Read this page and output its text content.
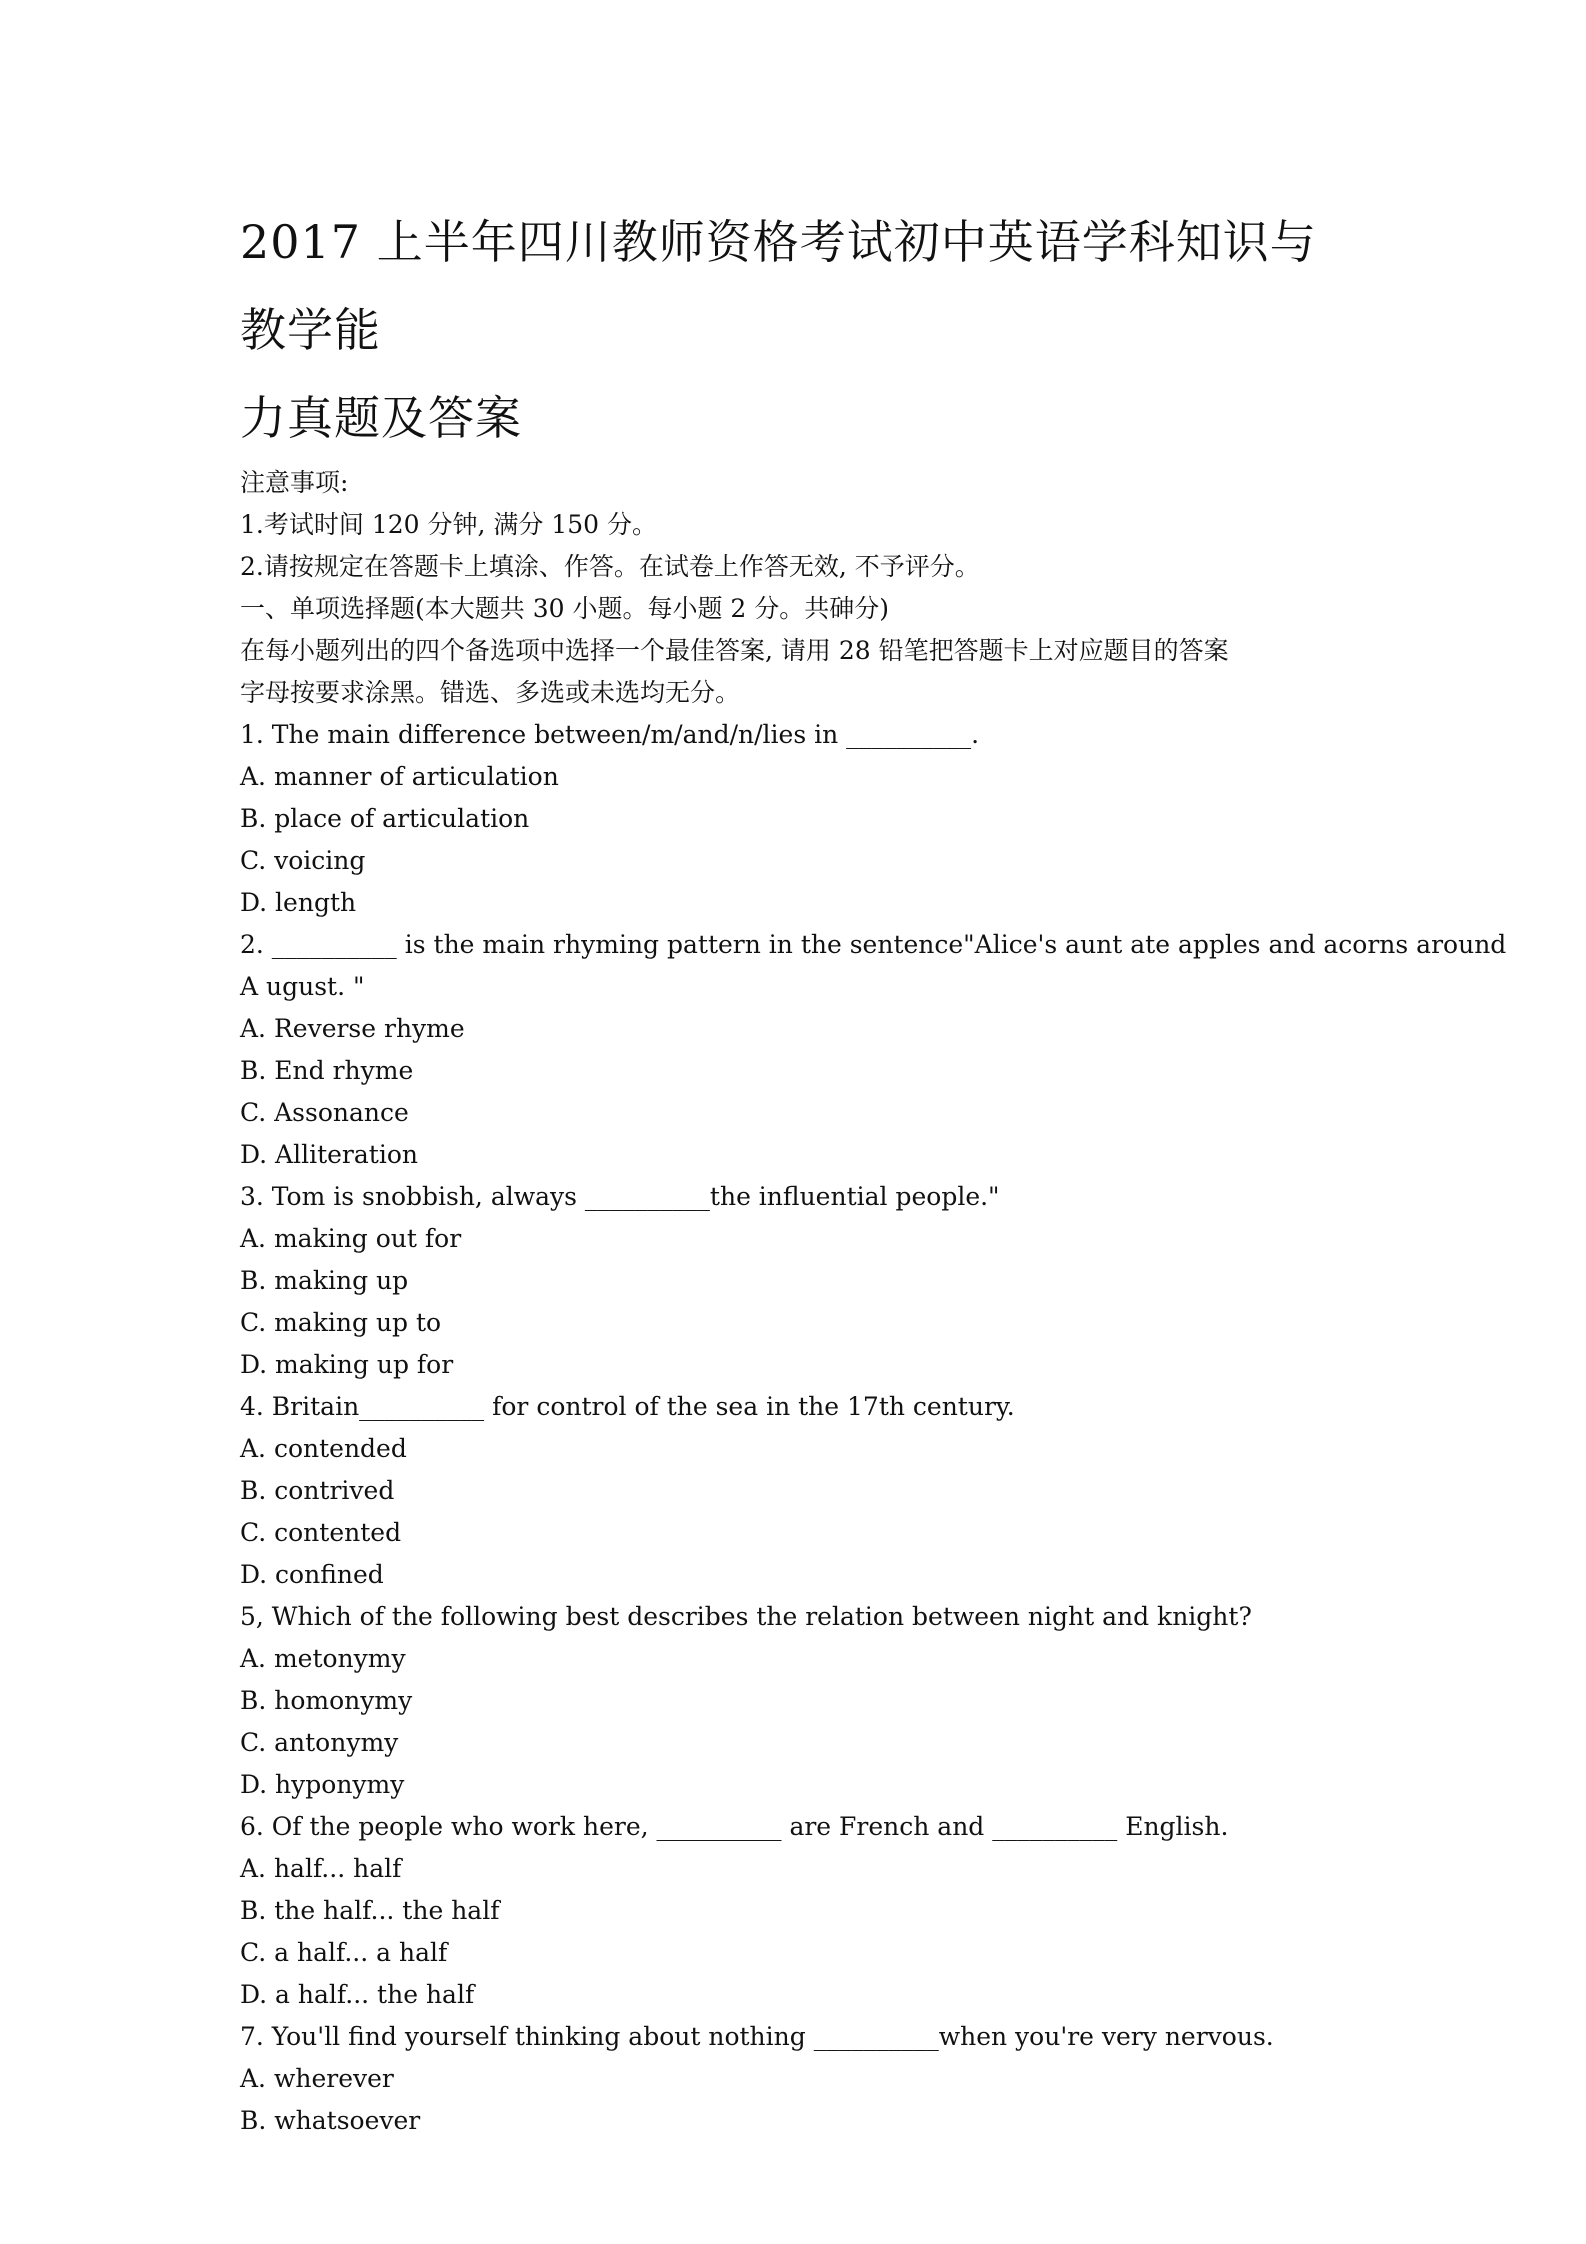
2017 上半年四川教师资格考试初中英语学科知识与教学能
力真题及答案

注意事项:

1.考试时间 120 分钟, 满分 150 分。

2.请按规定在答题卡上填涂、作答。在试卷上作答无效, 不予评分。

一、单项选择题(本大题共 30 小题。每小题 2 分。共砷分)

在每小题列出的四个备选项中选择一个最佳答案, 请用 28 铅笔把答题卡上对应题目的答案

字母按要求涂黑。错选、多选或未选均无分。

1. The main difference between/m/and/n/lies in __________.

A. manner of articulation

B. place of articulation

C. voicing

D. length

2. __________ is the main rhyming pattern in the sentence"Alice's aunt ate apples and acorns around

A ugust. "

A. Reverse rhyme

B. End rhyme

C. Assonance

D. Alliteration

3. Tom is snobbish, always __________the influential people."

A. making out for

B. making up

C. making up to

D. making up for

4. Britain__________ for control of the sea in the 17th century.

A. contended

B. contrived

C. contented

D. confined

5, Which of the following best describes the relation between night and knight?

A. metonymy

B. homonymy

C. antonymy

D. hyponymy

6. Of the people who work here, __________ are French and __________ English.

A. half... half

B. the half... the half

C. a half... a half

D. a half... the half

7. You'll find yourself thinking about nothing __________when you're very nervous.

A. wherever

B. whatsoever
